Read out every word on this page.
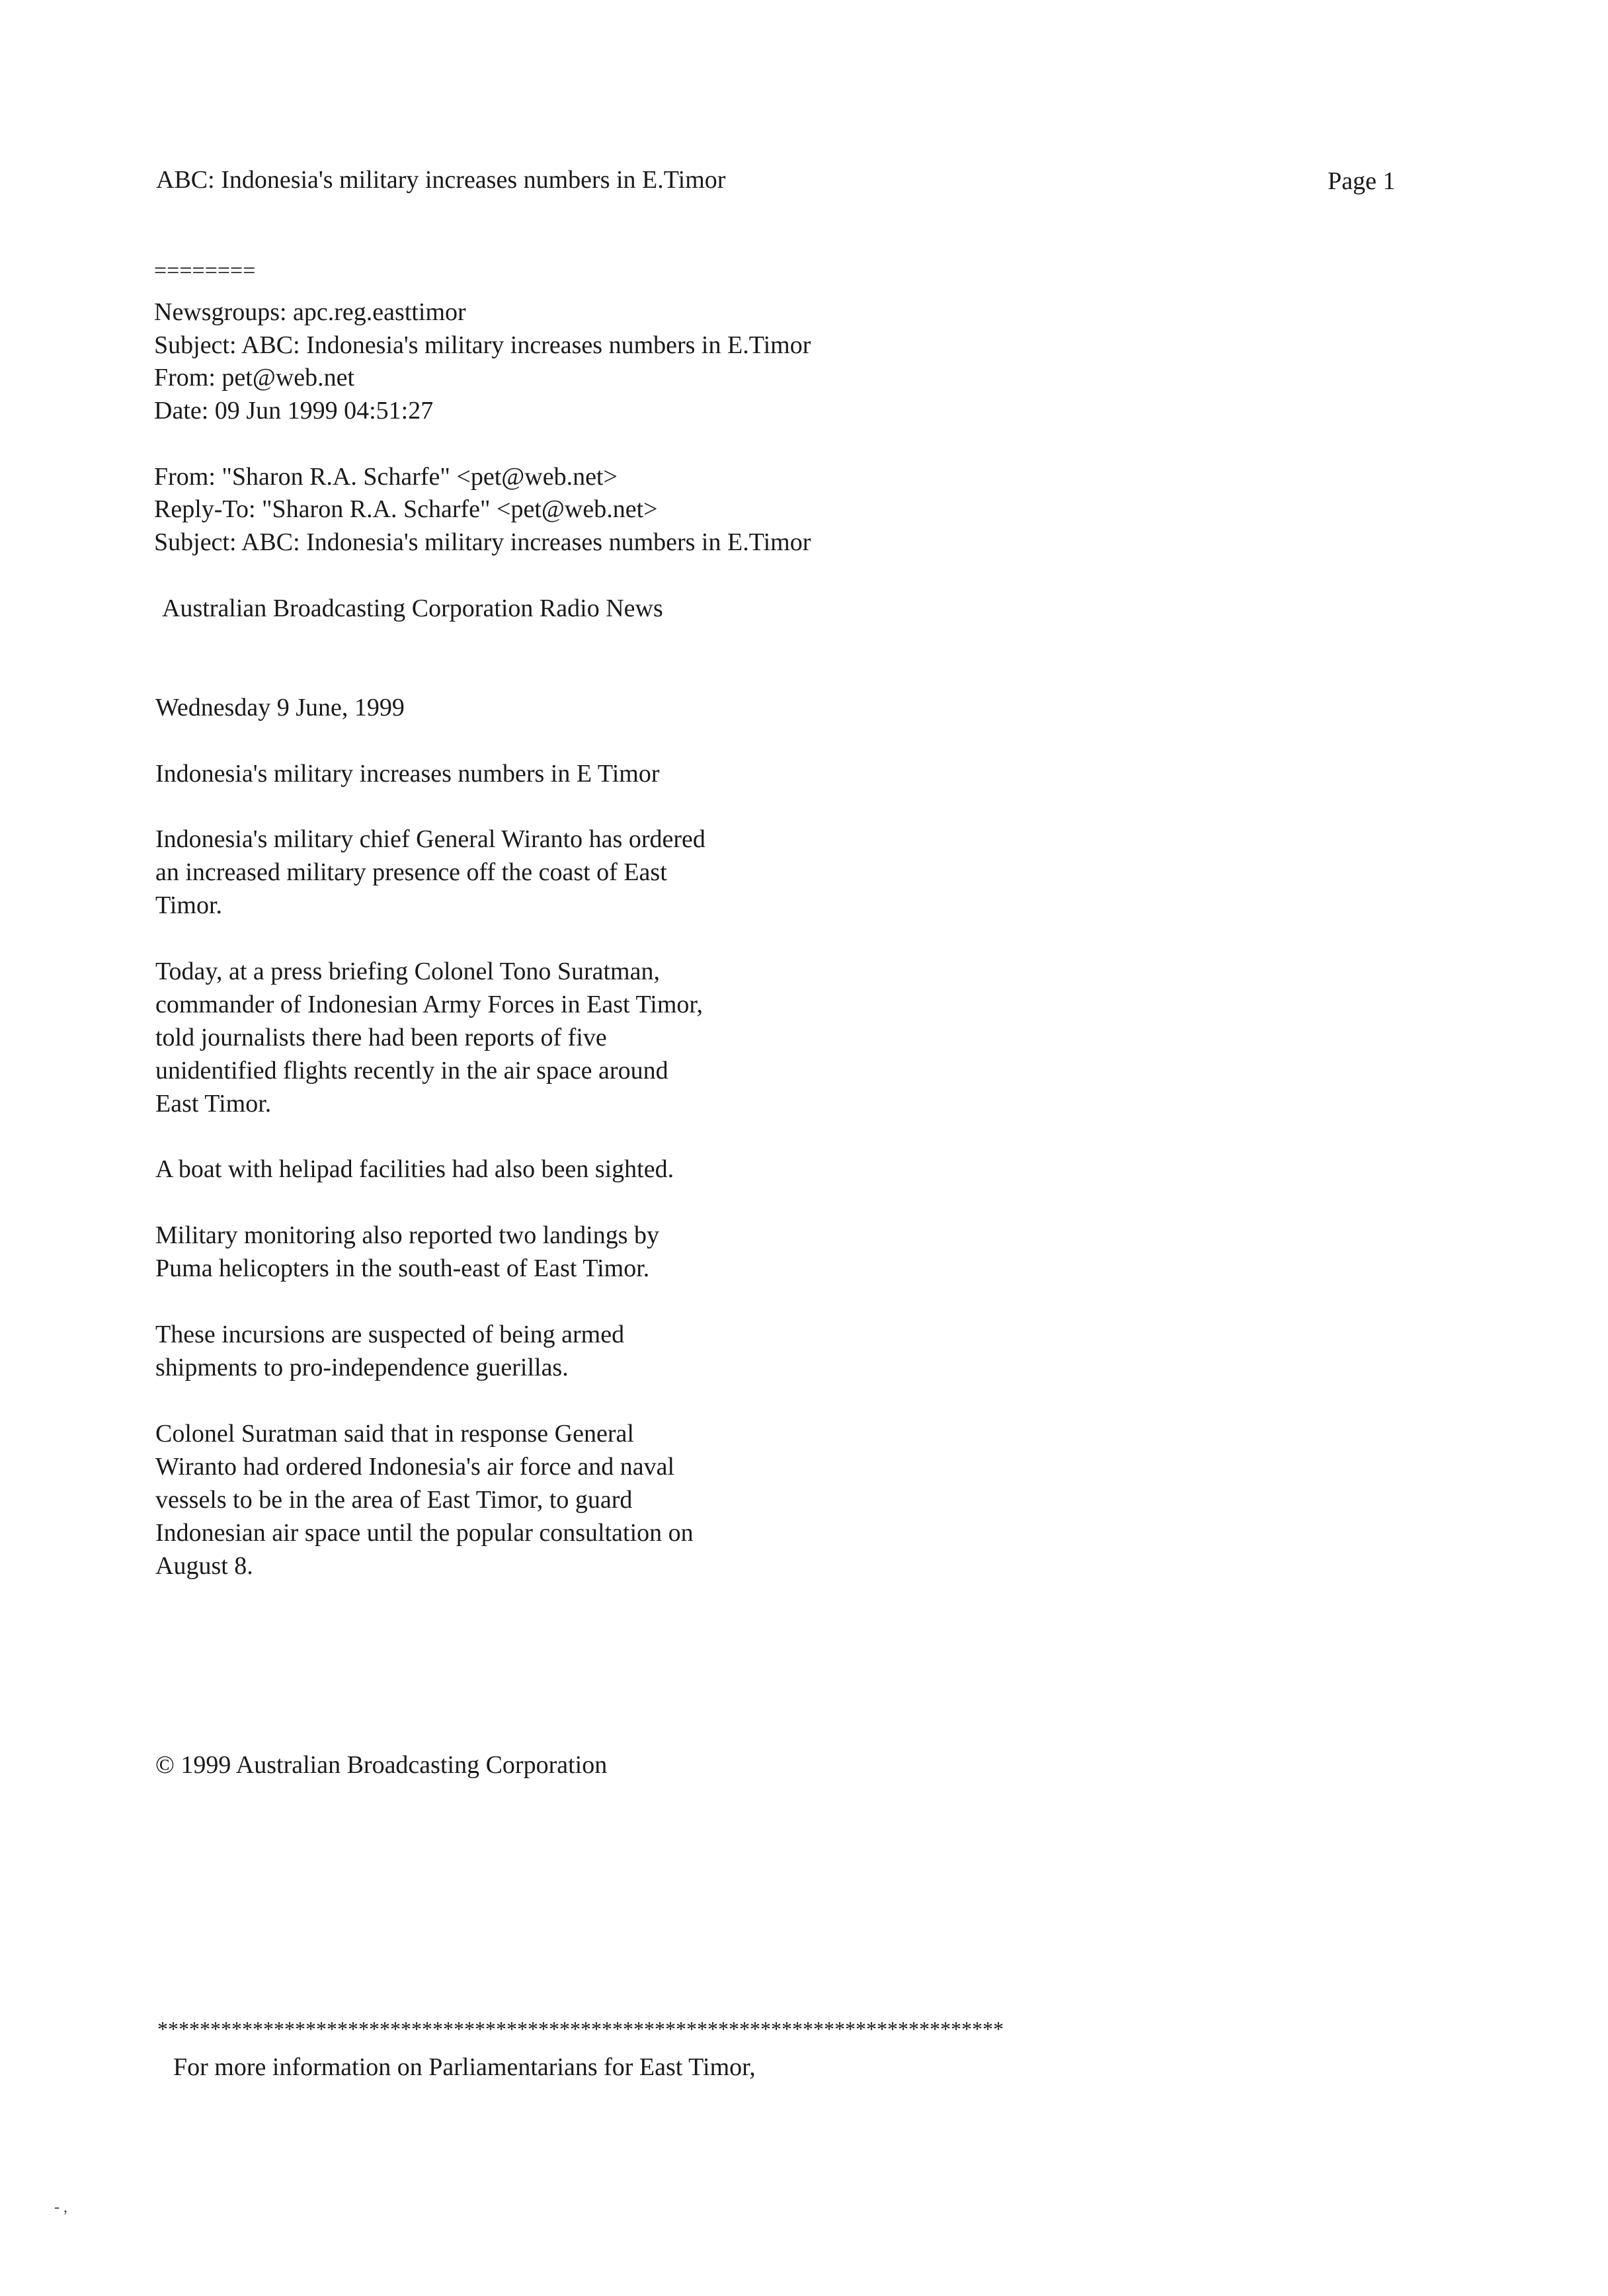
ABC: Indonesia's military increases numbers in E.Timor	Page 1
========
Newsgroups: apc.reg.easttimor
Subject: ABC: Indonesia's military increases numbers in E.Timor
From: pet@web.net
Date: 09 Jun 1999 04:51:27
From: "Sharon R.A. Scharfe" <pet@web.net>
Reply-To: "Sharon R.A. Scharfe" <pet@web.net>
Subject: ABC: Indonesia's military increases numbers in E.Timor
Australian Broadcasting Corporation Radio News
Wednesday 9 June, 1999
Indonesia's military increases numbers in E Timor
Indonesia's military chief General Wiranto has ordered
an increased military presence off the coast of East
Timor.
Today, at a press briefing Colonel Tono Suratman,
commander of Indonesian Army Forces in East Timor,
told journalists there had been reports of five
unidentified flights recently in the air space around
East Timor.
A boat with helipad facilities had also been sighted.
Military monitoring also reported two landings by
Puma helicopters in the south-east of East Timor.
These incursions are suspected of being armed
shipments to pro-independence guerillas.
Colonel Suratman said that in response General
Wiranto had ordered Indonesia's air force and naval
vessels to be in the area of East Timor, to guard
Indonesian air space until the popular consultation on
August 8.
© 1999 Australian Broadcasting Corporation
********************************************************************************
For more information on Parliamentarians for East Timor,
- ,
